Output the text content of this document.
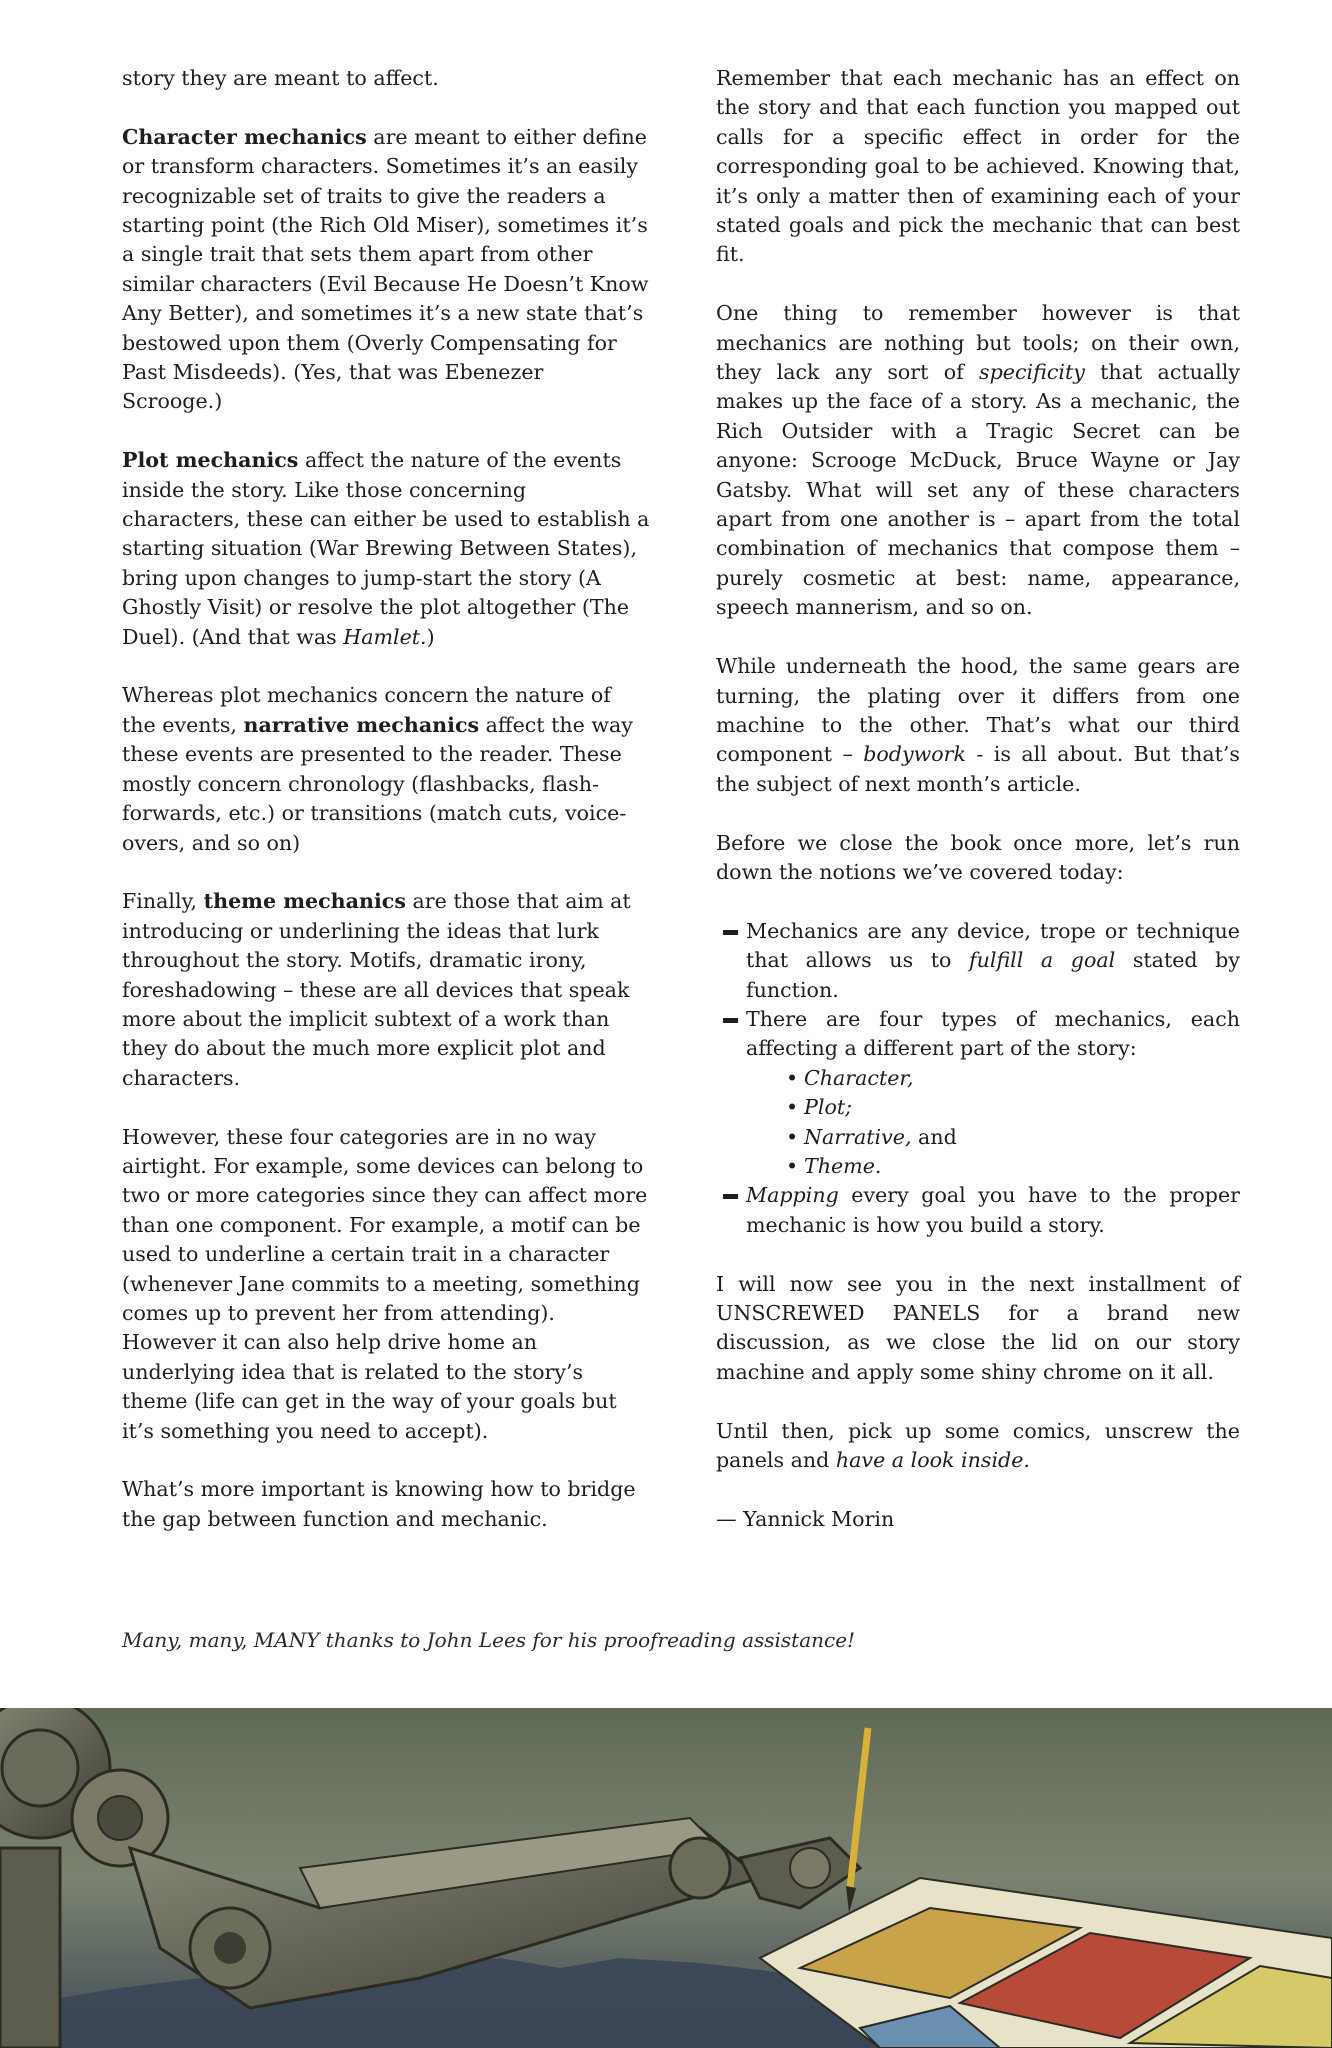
story they are meant to affect.

Character mechanics are meant to either define or transform characters. Sometimes it’s an easily recognizable set of traits to give the readers a starting point (the Rich Old Miser), sometimes it’s a single trait that sets them apart from other similar characters (Evil Because He Doesn’t Know Any Better), and sometimes it’s a new state that’s bestowed upon them (Overly Compensating for Past Misdeeds). (Yes, that was Ebenezer Scrooge.)

Plot mechanics affect the nature of the events inside the story. Like those concerning characters, these can either be used to establish a starting situation (War Brewing Between States), bring upon changes to jump-start the story (A Ghostly Visit) or resolve the plot altogether (The Duel). (And that was Hamlet.)

Whereas plot mechanics concern the nature of the events, narrative mechanics affect the way these events are presented to the reader. These mostly concern chronology (flashbacks, flash-forwards, etc.) or transitions (match cuts, voice-overs, and so on)

Finally, theme mechanics are those that aim at introducing or underlining the ideas that lurk throughout the story. Motifs, dramatic irony, foreshadowing – these are all devices that speak more about the implicit subtext of a work than they do about the much more explicit plot and characters.

However, these four categories are in no way airtight. For example, some devices can belong to two or more categories since they can affect more than one component. For example, a motif can be used to underline a certain trait in a character (whenever Jane commits to a meeting, something comes up to prevent her from attending). However it can also help drive home an underlying idea that is related to the story’s theme (life can get in the way of your goals but it’s something you need to accept).

What’s more important is knowing how to bridge the gap between function and mechanic.

Remember that each mechanic has an effect on the story and that each function you mapped out calls for a specific effect in order for the corresponding goal to be achieved. Knowing that, it’s only a matter then of examining each of your stated goals and pick the mechanic that can best fit.

One thing to remember however is that mechanics are nothing but tools; on their own, they lack any sort of specificity that actually makes up the face of a story. As a mechanic, the Rich Outsider with a Tragic Secret can be anyone: Scrooge McDuck, Bruce Wayne or Jay Gatsby. What will set any of these characters apart from one another is – apart from the total combination of mechanics that compose them –purely cosmetic at best: name, appearance, speech mannerism, and so on.

While underneath the hood, the same gears are turning, the plating over it differs from one machine to the other. That’s what our third component – bodywork - is all about. But that’s the subject of next month’s article.

Before we close the book once more, let’s run down the notions we’ve covered today:

Mechanics are any device, trope or technique that allows us to fulfill a goal stated by function.
There are four types of mechanics, each affecting a different part of the story:
• Character,
• Plot;
• Narrative, and
• Theme.
Mapping every goal you have to the proper mechanic is how you build a story.

I will now see you in the next installment of UNSCREWED PANELS for a brand new discussion, as we close the lid on our story machine and apply some shiny chrome on it all.

Until then, pick up some comics, unscrew the panels and have a look inside.

— Yannick Morin

Many, many, MANY thanks to John Lees for his proofreading assistance!
